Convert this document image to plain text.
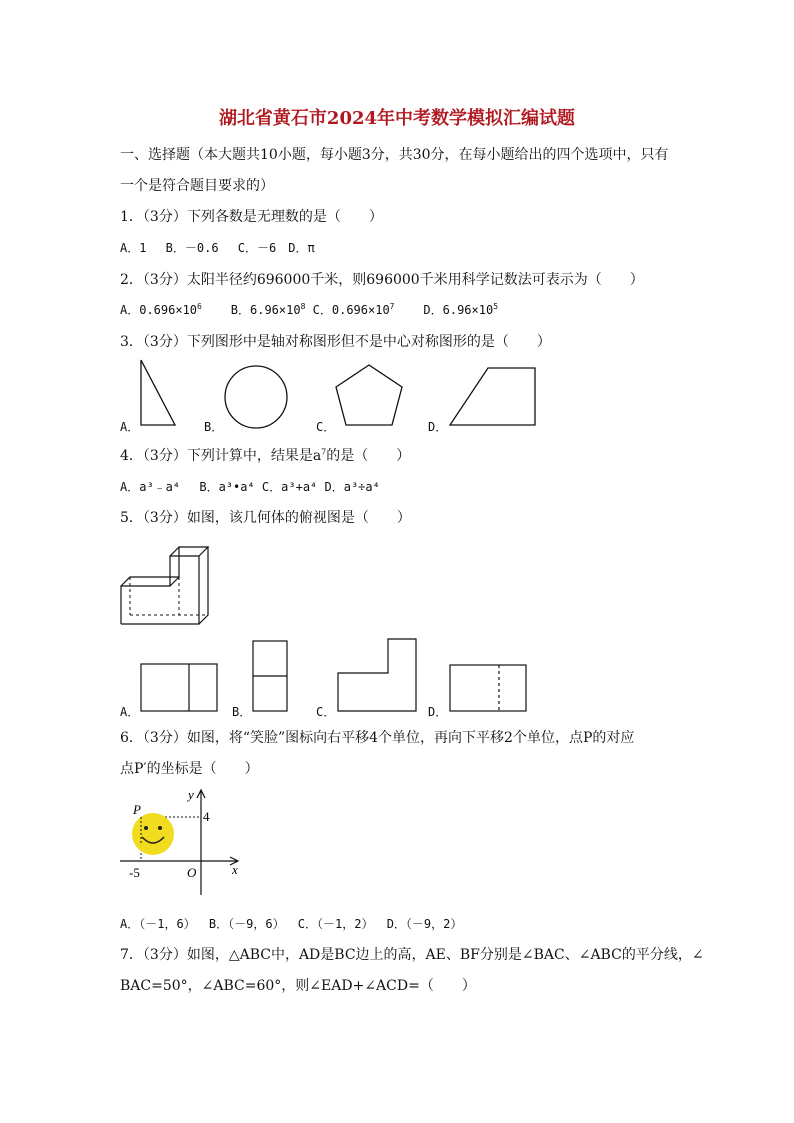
湖北省黄石市2024年中考数学模拟汇编试题
一、选择题（本大题共10小题，每小题3分，共30分，在每小题给出的四个选项中，只有
一个是符合题目要求的）
1．（3分）下列各数是无理数的是（　　）
A．1　 B．－0.6　 C．－6　D．π
2．（3分）太阳半径约696000千米，则696000千米用科学记数法可表示为（　　）
A．$0.696\times 10^6$ B．$6.96\times 10^8$ C．$0.696\times 10^7$ D．$6.96\times 10^5$
3．（3分）下列图形中是轴对称图形但不是中心对称图形的是（　　）
A．	B．	C．	D．
4．（3分）下列计算中，结果是$a^7$的是（　　）
A．a³﹣a⁴　 B．a³•a⁴ C．a³+a⁴ D．a³÷a⁴
5．（3分）如图，该几何体的俯视图是（　　）
A．	B．	C．	D．
6．（3分）如图，将“笑脸”图标向右平移4个单位，再向下平移2个单位，点P的对应
点P′的坐标是（　　）
P
y
x
O
4
-5
A．（－1，6）　 B．（－9，6）　 C．（－1，2）　 D．（－9，2）
7．（3分）如图，△ABC中，AD是BC边上的高，AE、BF分别是∠BAC、∠ABC的平分线，∠
BAC=50°，∠ABC=60°，则∠EAD+∠ACD=（　　）
